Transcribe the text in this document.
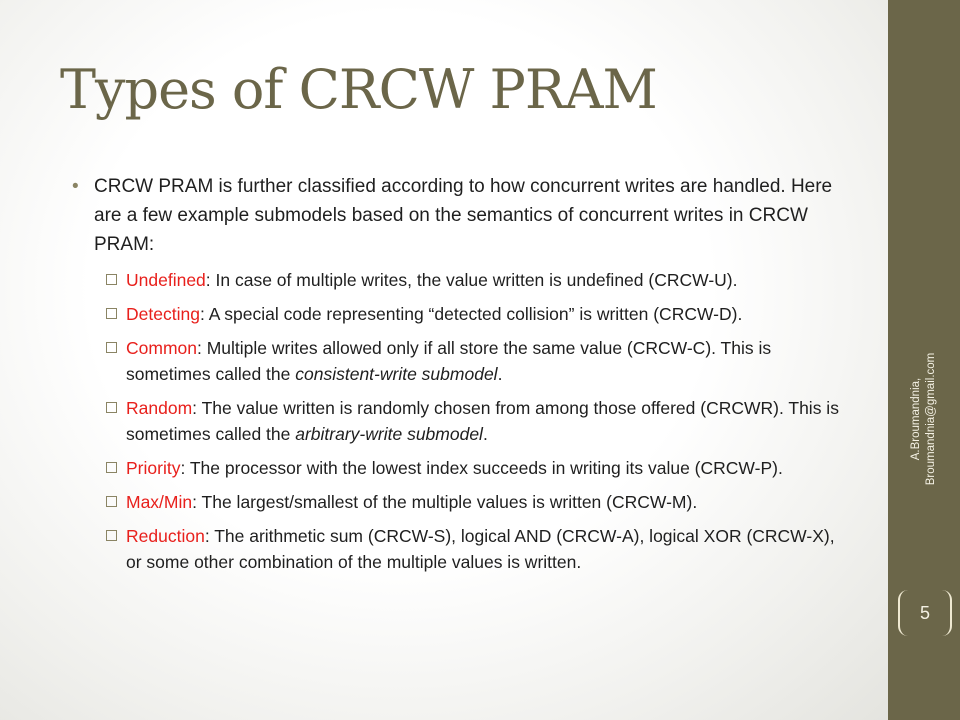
Types of CRCW PRAM

• CRCW PRAM is further classified according to how concurrent writes are handled. Here are a few example submodels based on the semantics of concurrent writes in CRCW PRAM:

Undefined: In case of multiple writes, the value written is undefined (CRCW-U).

Detecting: A special code representing “detected collision” is written (CRCW-D).

Common: Multiple writes allowed only if all store the same value (CRCW-C). This is sometimes called the consistent-write submodel.

Random: The value written is randomly chosen from among those offered (CRCWR). This is sometimes called the arbitrary-write submodel.

Priority: The processor with the lowest index succeeds in writing its value (CRCW-P).

Max/Min: The largest/smallest of the multiple values is written (CRCW-M).

Reduction: The arithmetic sum (CRCW-S), logical AND (CRCW-A), logical XOR (CRCW-X), or some other combination of the multiple values is written.

A.Broumandnia, Broumandnia@gmail.com
5
